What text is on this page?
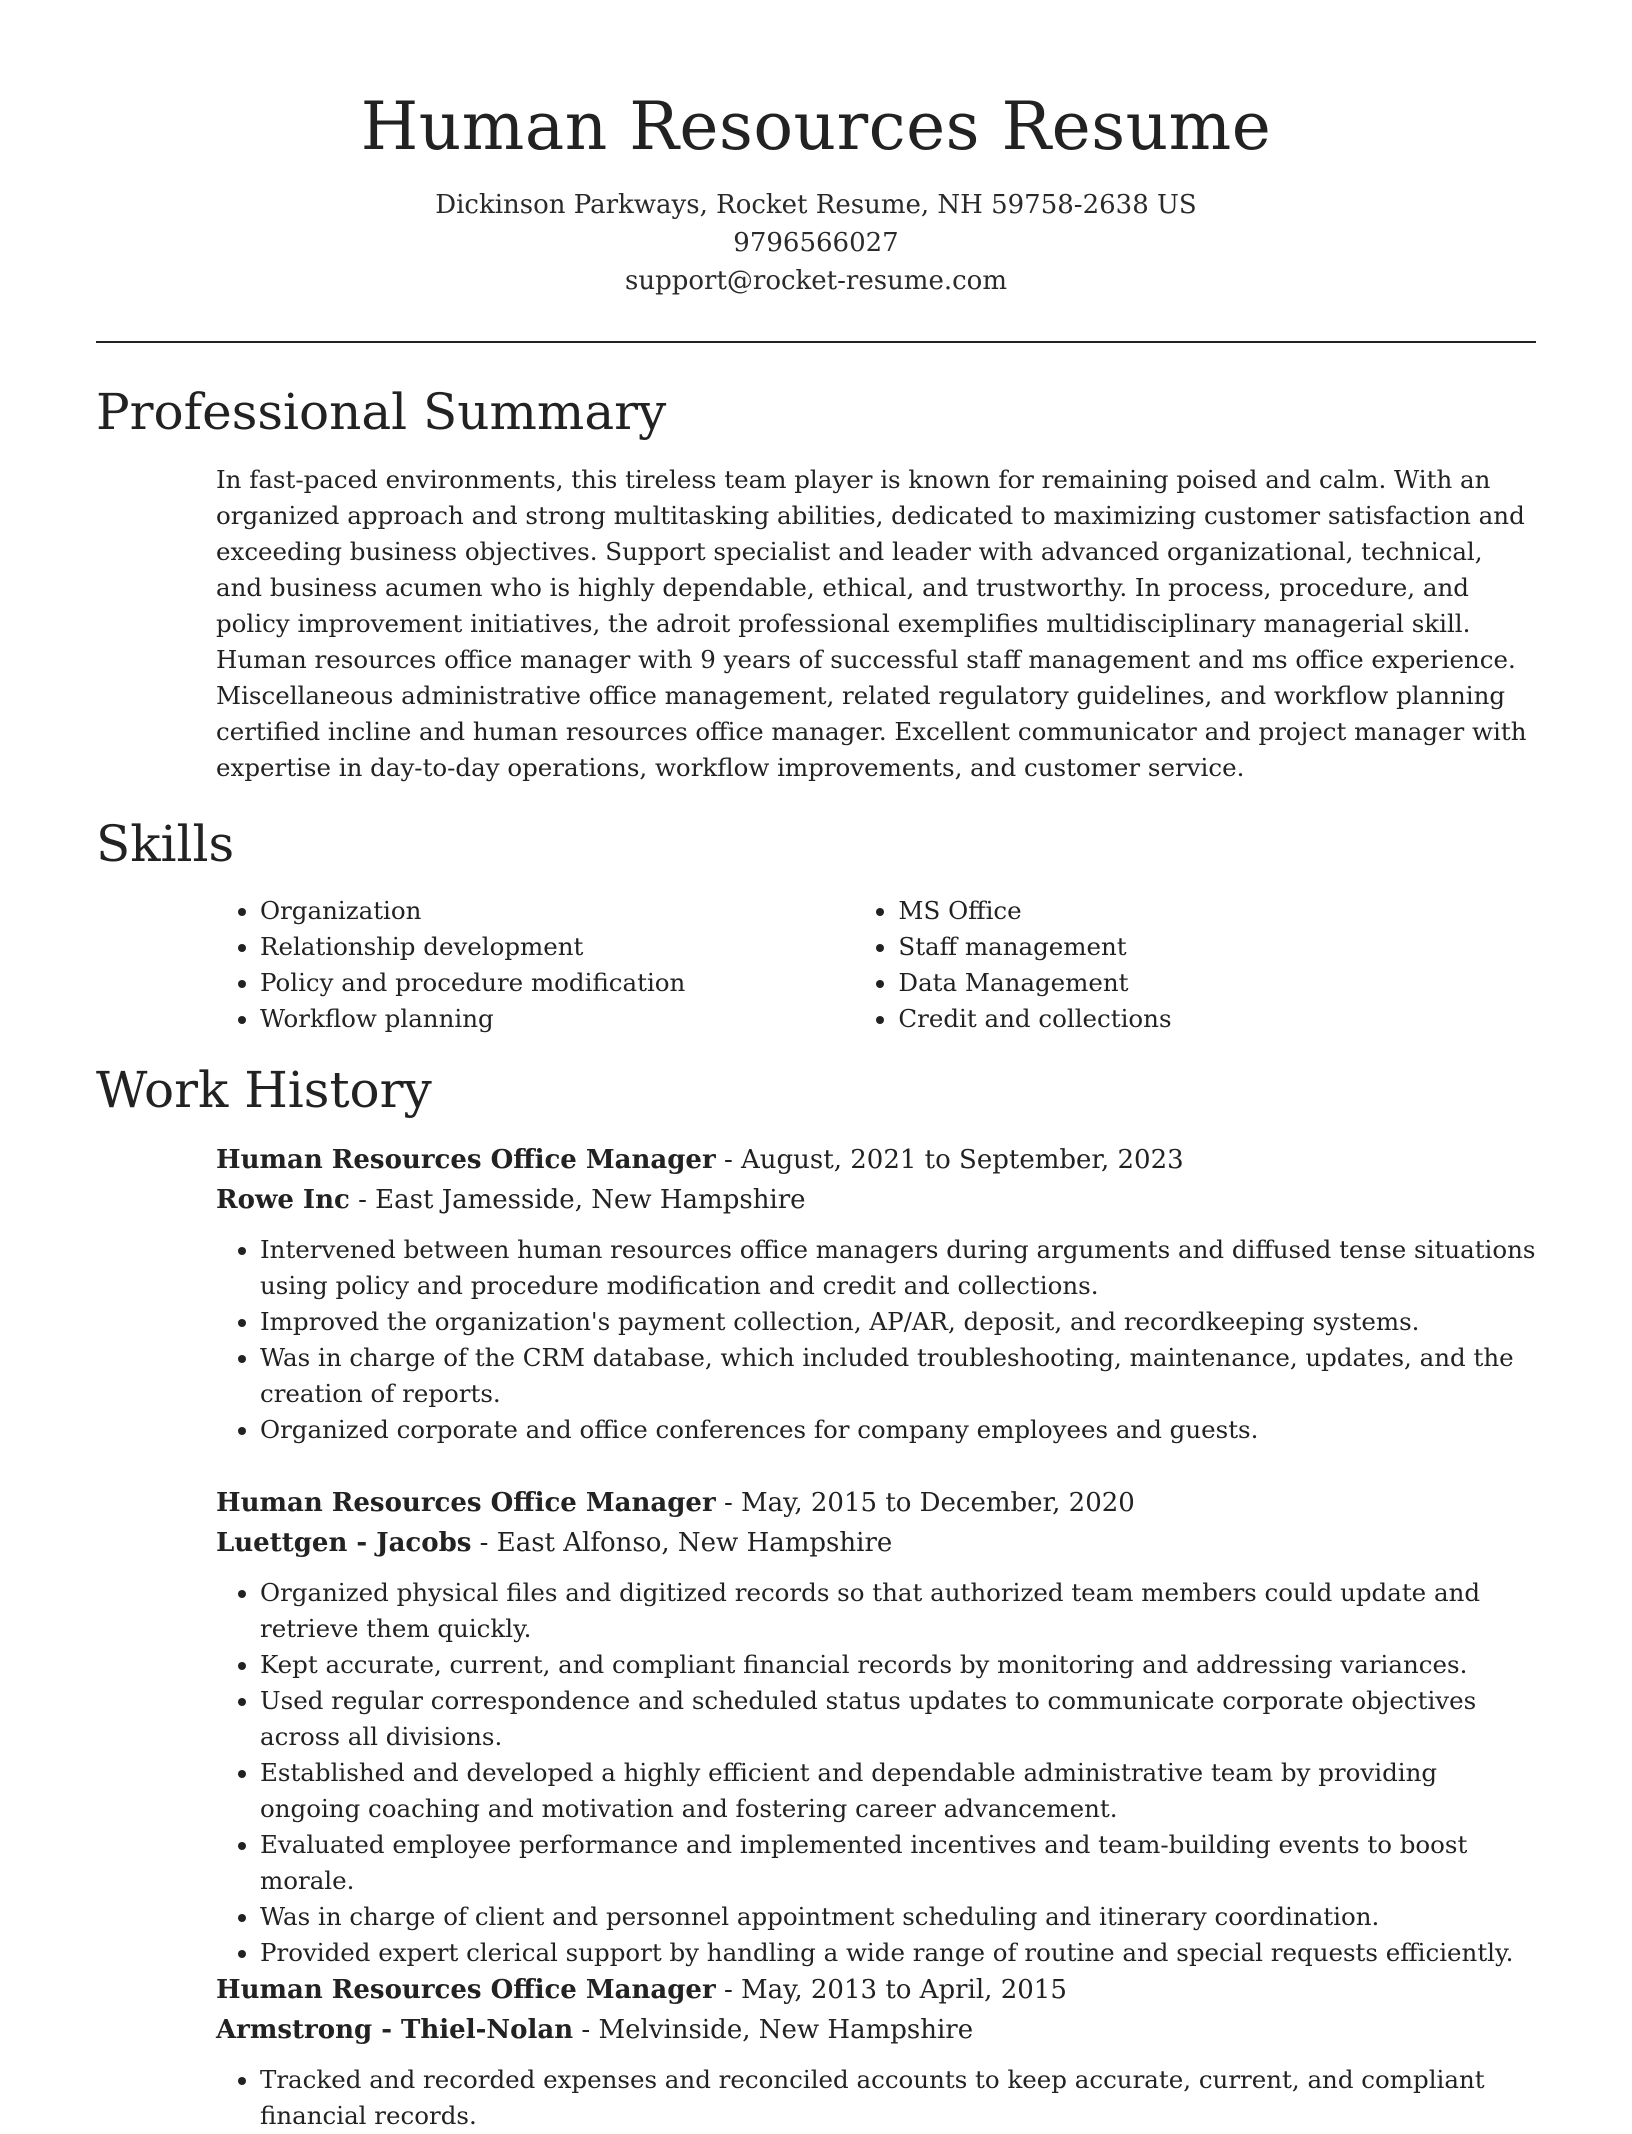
Human Resources Resume
Dickinson Parkways, Rocket Resume, NH 59758-2638 US
9796566027
support@rocket-resume.com
Professional Summary
In fast-paced environments, this tireless team player is known for remaining poised and calm. With an organized approach and strong multitasking abilities, dedicated to maximizing customer satisfaction and exceeding business objectives. Support specialist and leader with advanced organizational, technical, and business acumen who is highly dependable, ethical, and trustworthy. In process, procedure, and policy improvement initiatives, the adroit professional exemplifies multidisciplinary managerial skill. Human resources office manager with 9 years of successful staff management and ms office experience. Miscellaneous administrative office management, related regulatory guidelines, and workflow planning certified incline and human resources office manager. Excellent communicator and project manager with expertise in day-to-day operations, workflow improvements, and customer service.
Skills
• Organization
• Relationship development
• Policy and procedure modification
• Workflow planning
• MS Office
• Staff management
• Data Management
• Credit and collections
Work History
Human Resources Office Manager - August, 2021 to September, 2023
Rowe Inc - East Jamesside, New Hampshire
• Intervened between human resources office managers during arguments and diffused tense situations using policy and procedure modification and credit and collections.
• Improved the organization's payment collection, AP/AR, deposit, and recordkeeping systems.
• Was in charge of the CRM database, which included troubleshooting, maintenance, updates, and the creation of reports.
• Organized corporate and office conferences for company employees and guests.
Human Resources Office Manager - May, 2015 to December, 2020
Luettgen - Jacobs - East Alfonso, New Hampshire
• Organized physical files and digitized records so that authorized team members could update and retrieve them quickly.
• Kept accurate, current, and compliant financial records by monitoring and addressing variances.
• Used regular correspondence and scheduled status updates to communicate corporate objectives across all divisions.
• Established and developed a highly efficient and dependable administrative team by providing ongoing coaching and motivation and fostering career advancement.
• Evaluated employee performance and implemented incentives and team-building events to boost morale.
• Was in charge of client and personnel appointment scheduling and itinerary coordination.
• Provided expert clerical support by handling a wide range of routine and special requests efficiently.
Human Resources Office Manager - May, 2013 to April, 2015
Armstrong - Thiel-Nolan - Melvinside, New Hampshire
• Tracked and recorded expenses and reconciled accounts to keep accurate, current, and compliant financial records.
